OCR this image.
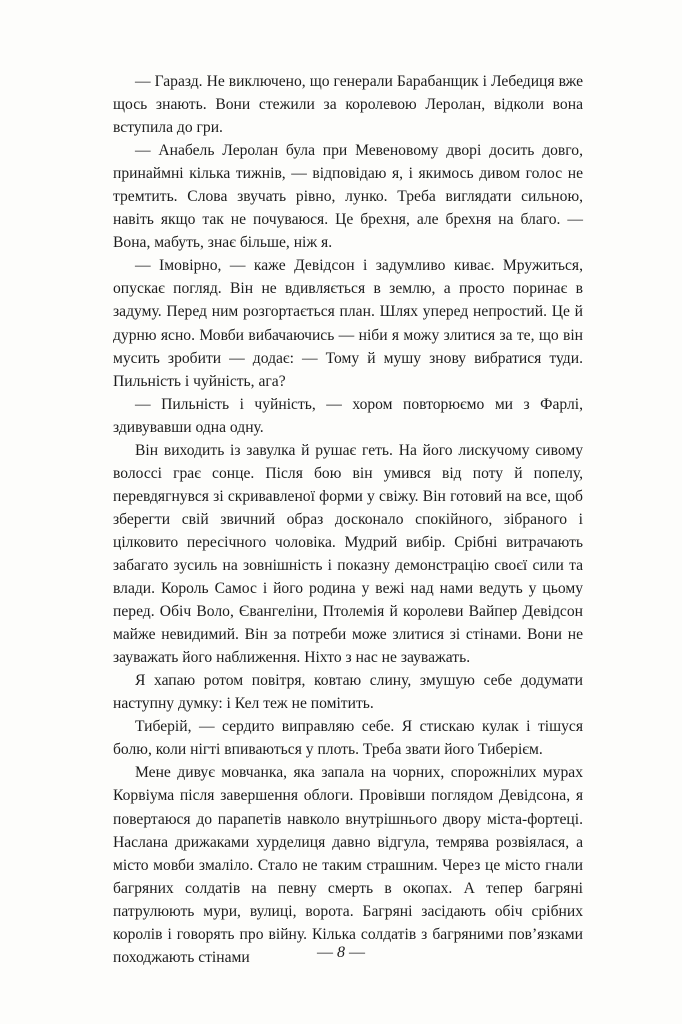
— Гаразд. Не виключено, що генерали Барабанщик і Лебедиця вже щось знають. Вони стежили за королевою Леролан, відколи вона вступила до гри.

— Анабель Леролан була при Мевеновому дворі досить довго, принаймні кілька тижнів, — відповідаю я, і якимось дивом голос не тремтить. Слова звучать рівно, лунко. Треба виглядати сильною, навіть якщо так не почуваюся. Це брехня, але брехня на благо. — Вона, мабуть, знає більше, ніж я.

— Імовірно, — каже Девідсон і задумливо киває. Мружиться, опускає погляд. Він не вдивляється в землю, а просто поринає в задуму. Перед ним розгортається план. Шлях уперед непростий. Це й дурню ясно. Мовби вибачаючись — ніби я можу злитися за те, що він мусить зробити — додає: — Тому й мушу знову вибратися туди. Пильність і чуйність, ага?

— Пильність і чуйність, — хором повторюємо ми з Фарлі, здивувавши одна одну.

Він виходить із завулка й рушає геть. На його лискучому сивому волоссі грає сонце. Після бою він умився від поту й попелу, перевдягнувся зі скривавленої форми у свіжу. Він готовий на все, щоб зберегти свій звичний образ досконало спокійного, зібраного і цілковито пересічного чоловіка. Мудрий вибір. Срібні витрачають забагато зусиль на зовнішність і показну демонстрацію своєї сили та влади. Король Самос і його родина у вежі над нами ведуть у цьому перед. Обіч Воло, Євангеліни, Птолемія й королеви Вайпер Девідсон майже невидимий. Він за потреби може злитися зі стінами. Вони не зауважать його наближення. Ніхто з нас не зауважать.

Я хапаю ротом повітря, ковтаю слину, змушую себе додумати наступну думку: і Кел теж не помітить.

Тиберій, — сердито виправляю себе. Я стискаю кулак і тішуся болю, коли нігті впиваються у плоть. Треба звати його Тиберієм.

Мене дивує мовчанка, яка запала на чорних, спорожнілих мурах Корвіума після завершення облоги. Провівши поглядом Девідсона, я повертаюся до парапетів навколо внутрішнього двору міста-фортеці. Наслана дрижаками хурделиця давно відгула, темрява розвіялася, а місто мовби змаліло. Стало не таким страшним. Через це місто гнали багряних солдатів на певну смерть в окопах. А тепер багряні патрулюють мури, вулиці, ворота. Багряні засідають обіч срібних королів і говорять про війну. Кілька солдатів з багряними пов’язками походжають стінами	— 8 —
